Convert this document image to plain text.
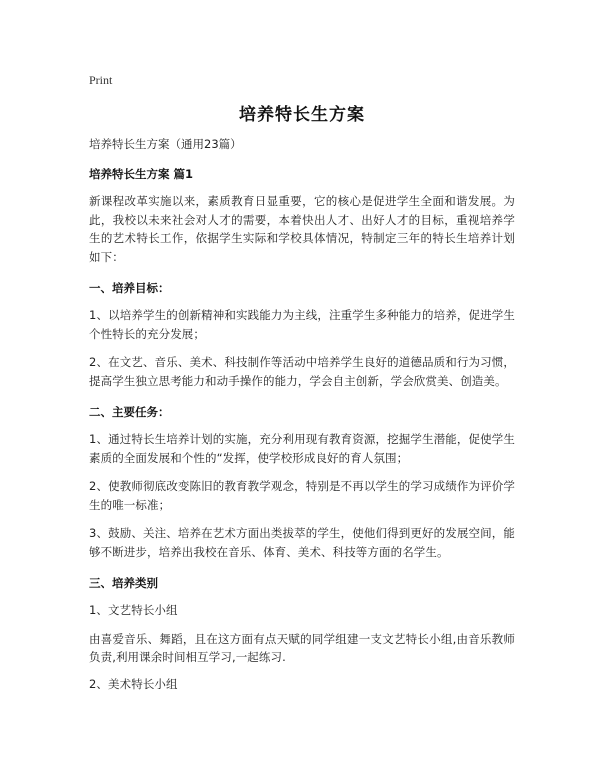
Print
培养特长生方案
培养特长生方案（通用23篇）
培养特长生方案 篇1

新课程改革实施以来，素质教育日显重要，它的核心是促进学生全面和谐发展。为此，我校以未来社会对人才的需要，本着快出人才、出好人才的目标，重视培养学生的艺术特长工作，依据学生实际和学校具体情况，特制定三年的特长生培养计划如下：

一、培养目标：

1、以培养学生的创新精神和实践能力为主线，注重学生多种能力的培养，促进学生个性特长的充分发展；

2、在文艺、音乐、美术、科技制作等活动中培养学生良好的道德品质和行为习惯，提高学生独立思考能力和动手操作的能力，学会自主创新，学会欣赏美、创造美。

二、主要任务：

1、通过特长生培养计划的实施，充分利用现有教育资源，挖掘学生潜能，促使学生素质的全面发展和个性的“发挥，使学校形成良好的育人氛围；

2、使教师彻底改变陈旧的教育教学观念，特别是不再以学生的学习成绩作为评价学生的唯一标准；

3、鼓励、关注、培养在艺术方面出类拔萃的学生，使他们得到更好的发展空间，能够不断进步，培养出我校在音乐、体育、美术、科技等方面的名学生。

三、培养类别

1、文艺特长小组

由喜爱音乐、舞蹈，且在这方面有点天赋的同学组建一支文艺特长小组,由音乐教师负责,利用课余时间相互学习,一起练习.

2、美术特长小组
